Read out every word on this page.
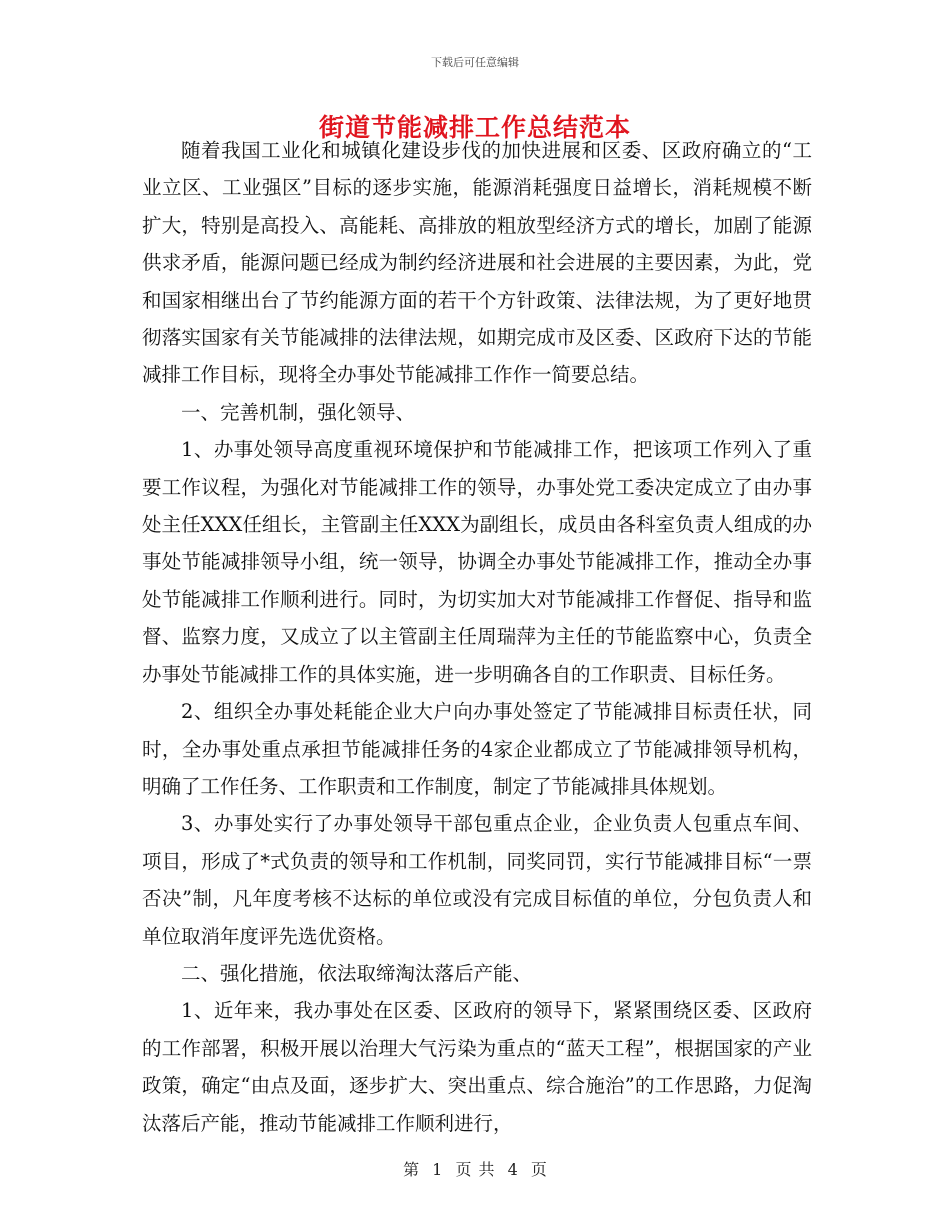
下载后可任意编辑
街道节能减排工作总结范本

随着我国工业化和城镇化建设步伐的加快进展和区委、区政府确立的“工业立区、工业强区”目标的逐步实施，能源消耗强度日益增长，消耗规模不断扩大，特别是高投入、高能耗、高排放的粗放型经济方式的增长，加剧了能源供求矛盾，能源问题已经成为制约经济进展和社会进展的主要因素，为此，党和国家相继出台了节约能源方面的若干个方针政策、法律法规，为了更好地贯彻落实国家有关节能减排的法律法规，如期完成市及区委、区政府下达的节能减排工作目标，现将全办事处节能减排工作作一简要总结。

一、完善机制，强化领导、

1、办事处领导高度重视环境保护和节能减排工作，把该项工作列入了重要工作议程，为强化对节能减排工作的领导，办事处党工委决定成立了由办事处主任XXX任组长，主管副主任XXX为副组长，成员由各科室负责人组成的办事处节能减排领导小组，统一领导，协调全办事处节能减排工作，推动全办事处节能减排工作顺利进行。同时，为切实加大对节能减排工作督促、指导和监督、监察力度，又成立了以主管副主任周瑞萍为主任的节能监察中心，负责全办事处节能减排工作的具体实施，进一步明确各自的工作职责、目标任务。

2、组织全办事处耗能企业大户向办事处签定了节能减排目标责任状，同时，全办事处重点承担节能减排任务的4家企业都成立了节能减排领导机构，明确了工作任务、工作职责和工作制度，制定了节能减排具体规划。

3、办事处实行了办事处领导干部包重点企业，企业负责人包重点车间、项目，形成了*式负责的领导和工作机制，同奖同罚，实行节能减排目标“一票否决”制，凡年度考核不达标的单位或没有完成目标值的单位，分包负责人和单位取消年度评先选优资格。

二、强化措施，依法取缔淘汰落后产能、

1、近年来，我办事处在区委、区政府的领导下，紧紧围绕区委、区政府的工作部署，积极开展以治理大气污染为重点的“蓝天工程”，根据国家的产业政策，确定“由点及面，逐步扩大、突出重点、综合施治”的工作思路，力促淘汰落后产能，推动节能减排工作顺利进行，

第 1 页 共 4 页
